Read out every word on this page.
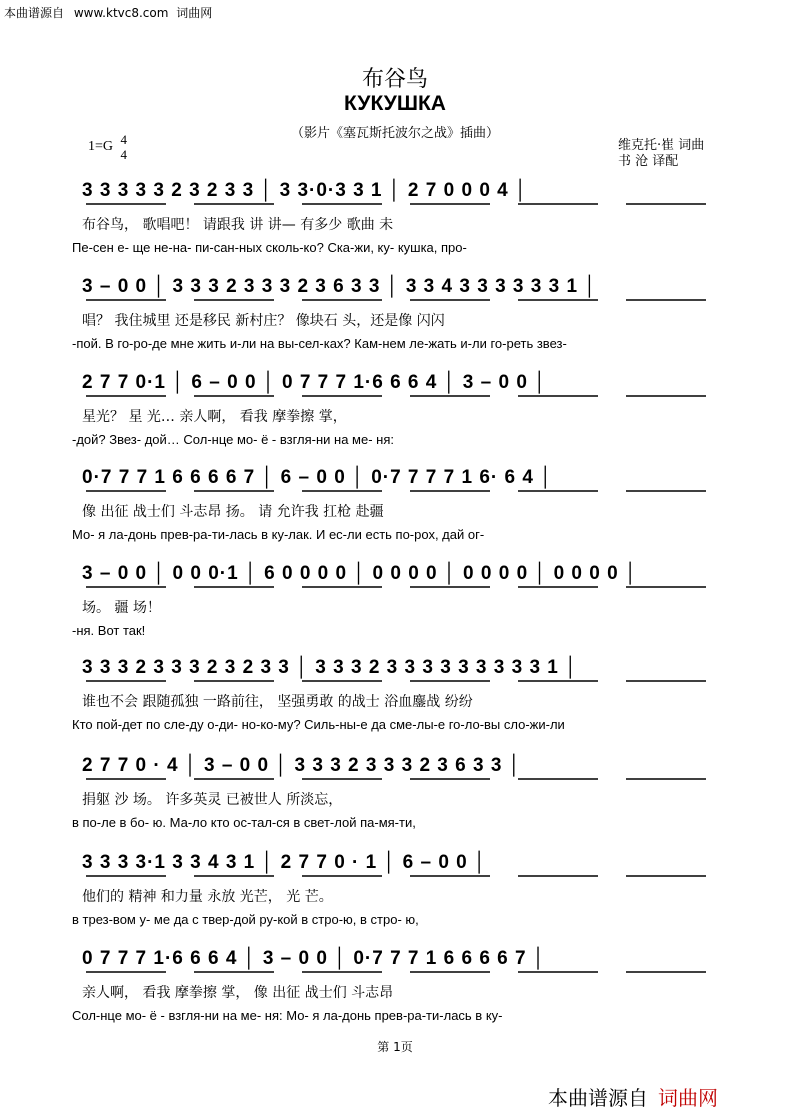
本曲谱源自 www.ktvc8.com 词曲网
布谷鸟
КУКУШКА
（影片《塞瓦斯托波尔之战》插曲）
1=G 4
4
维克托·崔 词曲
书 沧 译配
3 3 3 3 3 2 3 2 3 3 │ 3 3·0·3 3 1 │ 2 7 0 0 0 4 │
布谷鸟， 歌唱吧！ 请跟我 讲 讲— 有多少 歌曲 未
Пе-сен е- ще не-на- пи-сан-ных сколь-ко? Ска-жи, ку- кушка, про-
3 – 0 0 │ 3 3 3 2 3 3 3 2 3 6 3 3 │ 3 3 4 3 3 3 3 3 3 1 │
唱？ 我住城里 还是移民 新村庄？ 像块石 头，还是像 闪闪
-пой. В го-ро-де мне жить и-ли на вы-сел-ках? Кам-нем ле-жать и-ли го-реть звез-
2 7 7 0·1 │ 6 – 0 0 │ 0 7 7 7 1·6 6 6 4 │ 3 – 0 0 │
星光？ 星 光… 亲人啊， 看我 摩拳擦 掌，
-дой? Звез- дой… Сол-нце мо- ё - взгля-ни на ме- ня:
0·7 7 7 1 6 6 6 6 7 │ 6 – 0 0 │ 0·7 7 7 7 1 6· 6 4 │
像 出征 战士们 斗志昂 扬。 请 允许我 扛枪 赴疆
Мо- я ла-донь прев-ра-ти-лась в ку-лак. И ес-ли есть по-рох, дай ог-
3 – 0 0 │ 0 0 0·1 │ 6 0 0 0 0 │ 0 0 0 0 │ 0 0 0 0 │ 0 0 0 0 │
场。 疆 场！
-ня. Вот так!
3 3 3 2 3 3 3 2 3 2 3 3 │ 3 3 3 2 3 3 3 3 3 3 3 3 3 1 │
谁也不会 跟随孤独 一路前往， 坚强勇敢 的战士 浴血鏖战 纷纷
Кто пой-дет по сле-ду о-ди- но-ко-му? Силь-ны-е да сме-лы-е го-ло-вы сло-жи-ли
2 7 7 0 · 4 │ 3 – 0 0 │ 3 3 3 2 3 3 3 2 3 6 3 3 │
捐躯 沙 场。 许多英灵 已被世人 所淡忘，
в по-ле в бо- ю. Ма-ло кто ос-тал-ся в свет-лой па-мя-ти,
3 3 3 3·1 3 3 4 3 1 │ 2 7 7 0 · 1 │ 6 – 0 0 │
他们的 精神 和力量 永放 光芒， 光 芒。
в трез-вом у- ме да с твер-дой ру-кой в стро-ю, в стро- ю,
0 7 7 7 1·6 6 6 4 │ 3 – 0 0 │ 0·7 7 7 1 6 6 6 6 7 │
亲人啊， 看我 摩拳擦 掌， 像 出征 战士们 斗志昂
Сол-нце мо- ё - взгля-ни на ме- ня: Мо- я ла-донь прев-ра-ти-лась в ку-
第 1页
本曲谱源自 词曲网
